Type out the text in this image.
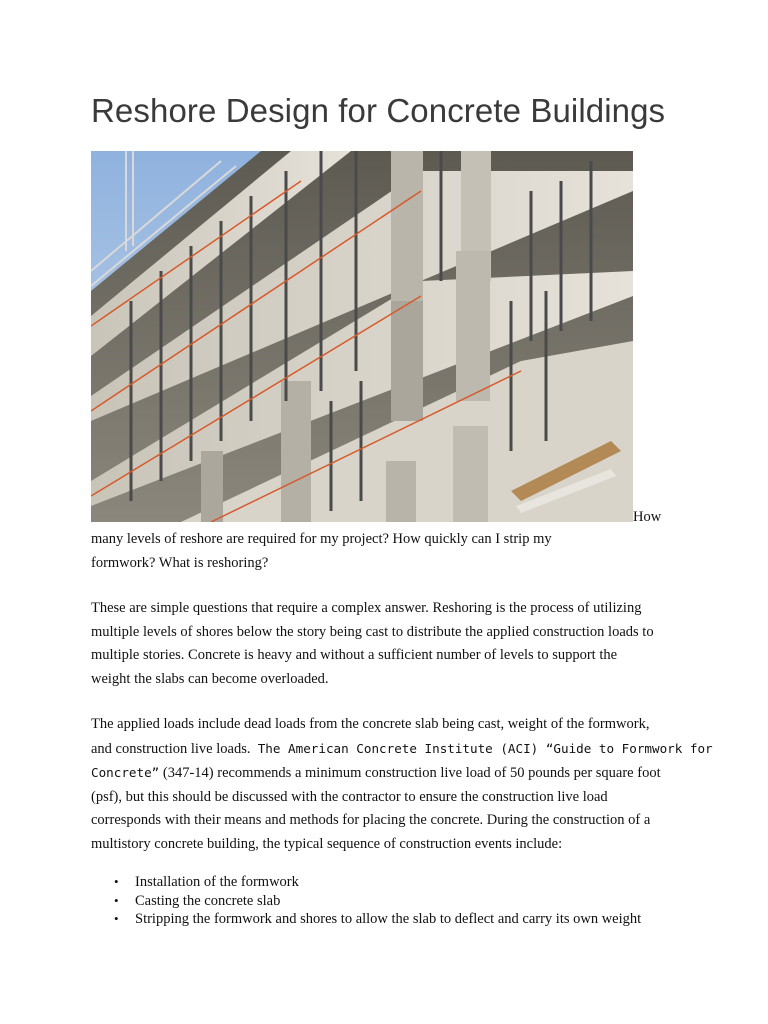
Reshore Design for Concrete Buildings
How

many levels of reshore are required for my project? How quickly can I strip my
formwork? What is reshoring?

These are simple questions that require a complex answer. Reshoring is the process of utilizing
multiple levels of shores below the story being cast to distribute the applied construction loads to
multiple stories. Concrete is heavy and without a sufficient number of levels to support the
weight the slabs can become overloaded.

The applied loads include dead loads from the concrete slab being cast, weight of the formwork,
and construction live loads.  The American Concrete Institute (ACI) “Guide to Formwork for
Concrete” (347-14) recommends a minimum construction live load of 50 pounds per square foot
(psf), but this should be discussed with the contractor to ensure the construction live load
corresponds with their means and methods for placing the concrete. During the construction of a
multistory concrete building, the typical sequence of construction events include:

• Installation of the formwork
• Casting the concrete slab
• Stripping the formwork and shores to allow the slab to deflect and carry its own weight
